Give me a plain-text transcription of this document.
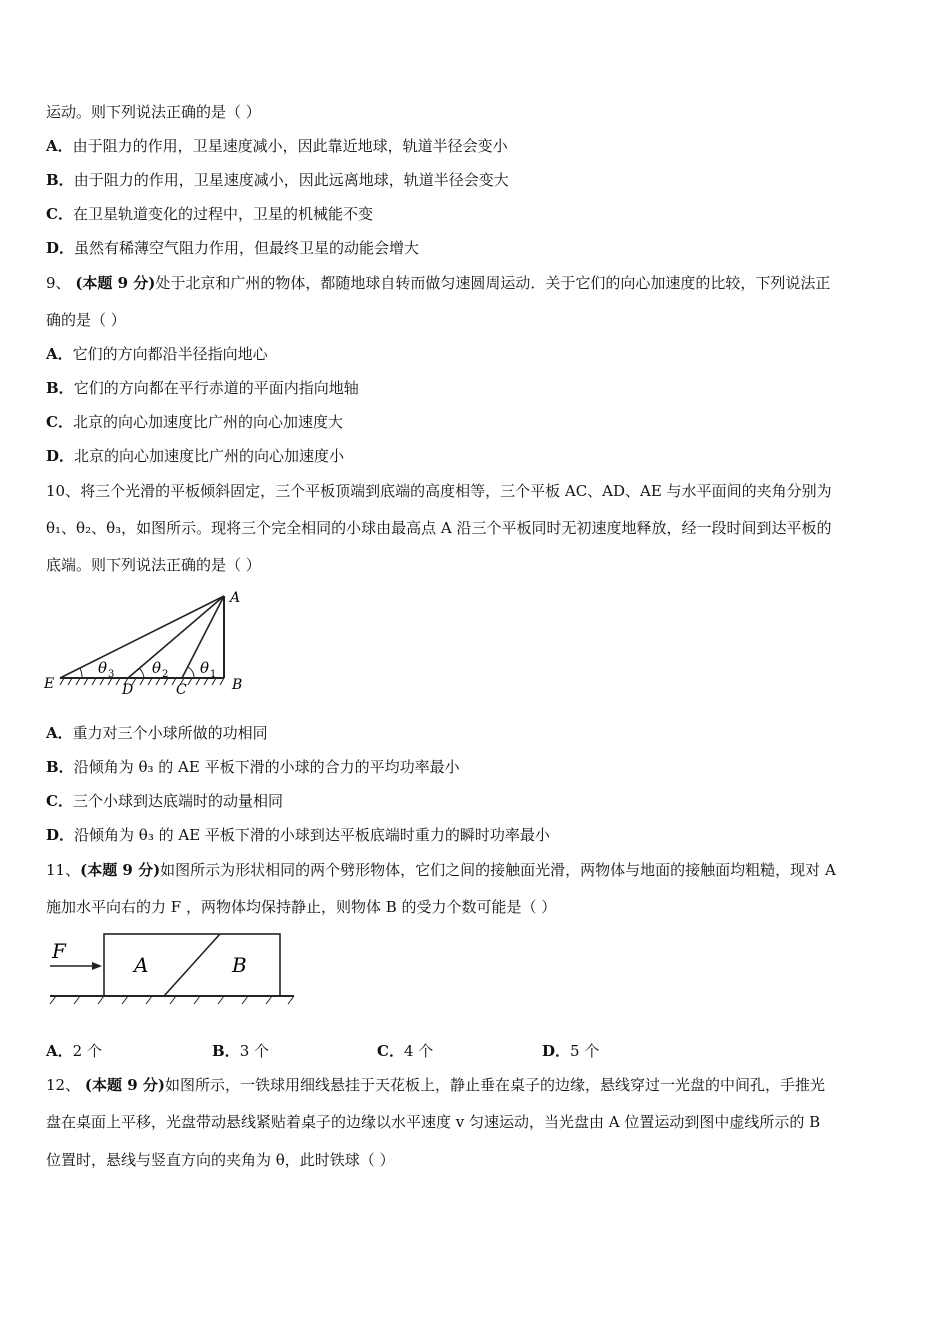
运动。则下列说法正确的是（ ）
A．由于阻力的作用，卫星速度减小，因此靠近地球，轨道半径会变小
B．由于阻力的作用，卫星速度减小，因此远离地球，轨道半径会变大
C．在卫星轨道变化的过程中，卫星的机械能不变
D．虽然有稀薄空气阻力作用，但最终卫星的动能会增大
9、 (本题 9 分)处于北京和广州的物体，都随地球自转而做匀速圆周运动．关于它们的向心加速度的比较，下列说法正
确的是（ ）
A．它们的方向都沿半径指向地心
B．它们的方向都在平行赤道的平面内指向地轴
C．北京的向心加速度比广州的向心加速度大
D．北京的向心加速度比广州的向心加速度小
10、将三个光滑的平板倾斜固定，三个平板顶端到底端的高度相等，三个平板 AC、AD、AE 与水平面间的夹角分别为
θ₁、θ₂、θ₃，如图所示。现将三个完全相同的小球由最高点 A 沿三个平板同时无初速度地释放，经一段时间到达平板的
底端。则下列说法正确的是（ ）
A
B
C
D
E
θ 3	θ 2 θ 1
A．重力对三个小球所做的功相同
B．沿倾角为 θ₃ 的 AE 平板下滑的小球的合力的平均功率最小
C．三个小球到达底端时的动量相同
D．沿倾角为 θ₃ 的 AE 平板下滑的小球到达平板底端时重力的瞬时功率最小
11、(本题 9 分)如图所示为形状相同的两个劈形物体，它们之间的接触面光滑，两物体与地面的接触面均粗糙，现对 A
施加水平向右的力 F ，两物体均保持静止，则物体 B 的受力个数可能是（ ）
F
A	B
A．2 个	B．3 个	C．4 个	D．5 个
12、 (本题 9 分)如图所示，一铁球用细线悬挂于天花板上，静止垂在桌子的边缘，悬线穿过一光盘的中间孔，手推光
盘在桌面上平移，光盘带动悬线紧贴着桌子的边缘以水平速度 v 匀速运动，当光盘由 A 位置运动到图中虚线所示的 B
位置时，悬线与竖直方向的夹角为 θ，此时铁球（ ）
